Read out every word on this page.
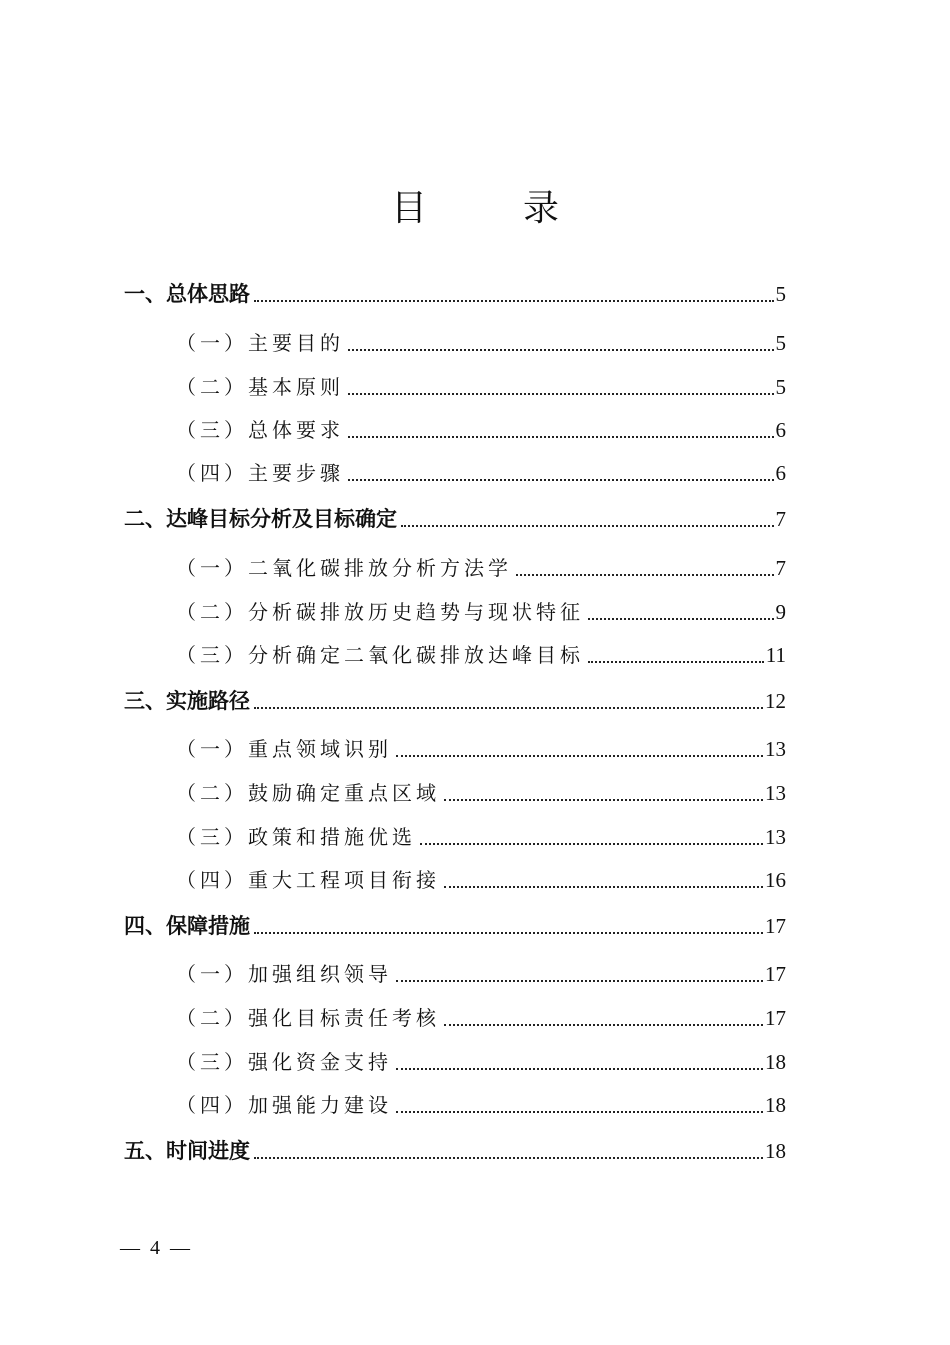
目　录
一、总体思路	5
（一）主要目的	5
（二）基本原则	5
（三）总体要求	6
（四）主要步骤	6
二、达峰目标分析及目标确定	7
（一）二氧化碳排放分析方法学	7
（二）分析碳排放历史趋势与现状特征	9
（三）分析确定二氧化碳排放达峰目标	11
三、实施路径	12
（一）重点领域识别	13
（二）鼓励确定重点区域	13
（三）政策和措施优选	13
（四）重大工程项目衔接	16
四、保障措施	17
（一）加强组织领导	17
（二）强化目标责任考核	17
（三）强化资金支持	18
（四）加强能力建设	18
五、时间进度	18
—  4  —
